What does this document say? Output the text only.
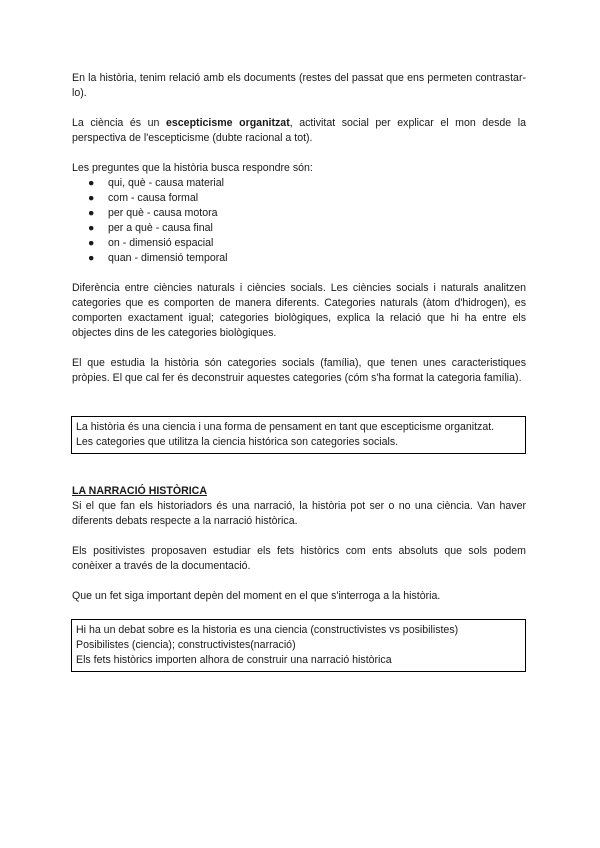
En la història, tenim relació amb els documents (restes del passat que ens permeten contrastar-lo).

La ciència és un escepticisme organitzat, activitat social per explicar el mon desde la perspectiva de l'escepticisme (dubte racional a tot).

Les preguntes que la història busca respondre són:

● qui, què - causa material
● com - causa formal
● per què - causa motora
● per a què - causa final
● on - dimensió espacial
● quan - dimensió temporal

Diferència entre ciències naturals i ciències socials. Les ciències socials i naturals analitzen categories que es comporten de manera diferents. Categories naturals (àtom d'hidrogen), es comporten exactament igual; categories biològiques, explica la relació que hi ha entre els objectes dins de les categories biològiques.

El que estudia la història són categories socials (família), que tenen unes caracteristiques pròpies. El que cal fer és deconstruir aquestes categories (cóm s'ha format la categoria família).

La història és una ciencia i una forma de pensament en tant que escepticisme organitzat.

Les categories que utilitza la ciencia histórica son categories socials.

LA NARRACIÓ HISTÒRICA

Si el que fan els historiadors és una narració, la història pot ser o no una ciència. Van haver diferents debats respecte a la narració històrica.

Els positivistes proposaven estudiar els fets històrics com ents absoluts que sols podem conèixer a través de la documentació.

Que un fet siga important depèn del moment en el que s'interroga a la història.

Hi ha un debat sobre es la historia es una ciencia (constructivistes vs posibilistes)

Posibilistes (ciencia); constructivistes(narració)

Els fets històrics importen alhora de construir una narració històrica
